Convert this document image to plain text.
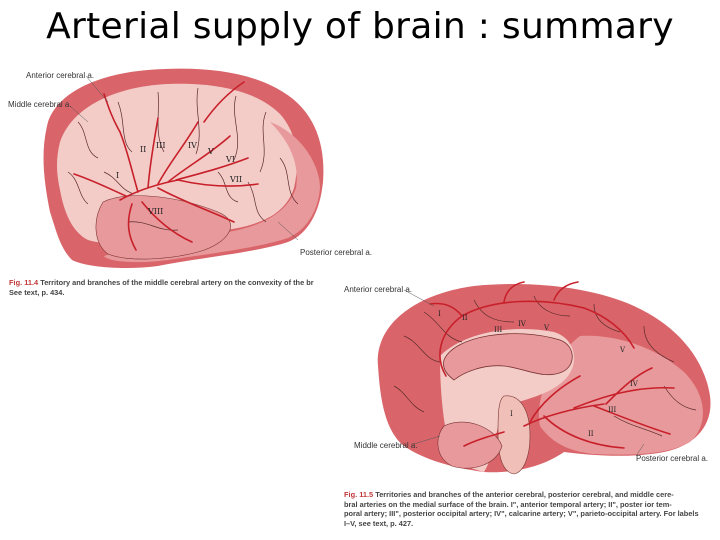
Arterial supply of brain : summary
II III	IV
V
VI
VII
VIII
I
Anterior cerebral a.
Middle cerebral a.
Posterior cerebral a.
Fig. 11.4 Territory and branches of the middle cerebral artery on the convexity of the br
See text, p. 434.
I	II
III
IV	V
V
IV
III
II
I
Anterior cerebral a.
Middle cerebral a.
Posterior cerebral a.
Fig. 11.5 Territories and branches of the anterior cerebral, posterior cerebral, and middle cere-
bral arteries on the medial surface of the brain. I", anterior temporal artery; II", poster ior tem-
poral artery; III", posterior occipital artery; IV", calcarine artery; V", parieto-occipital artery. For labels
I–V, see text, p. 427.
